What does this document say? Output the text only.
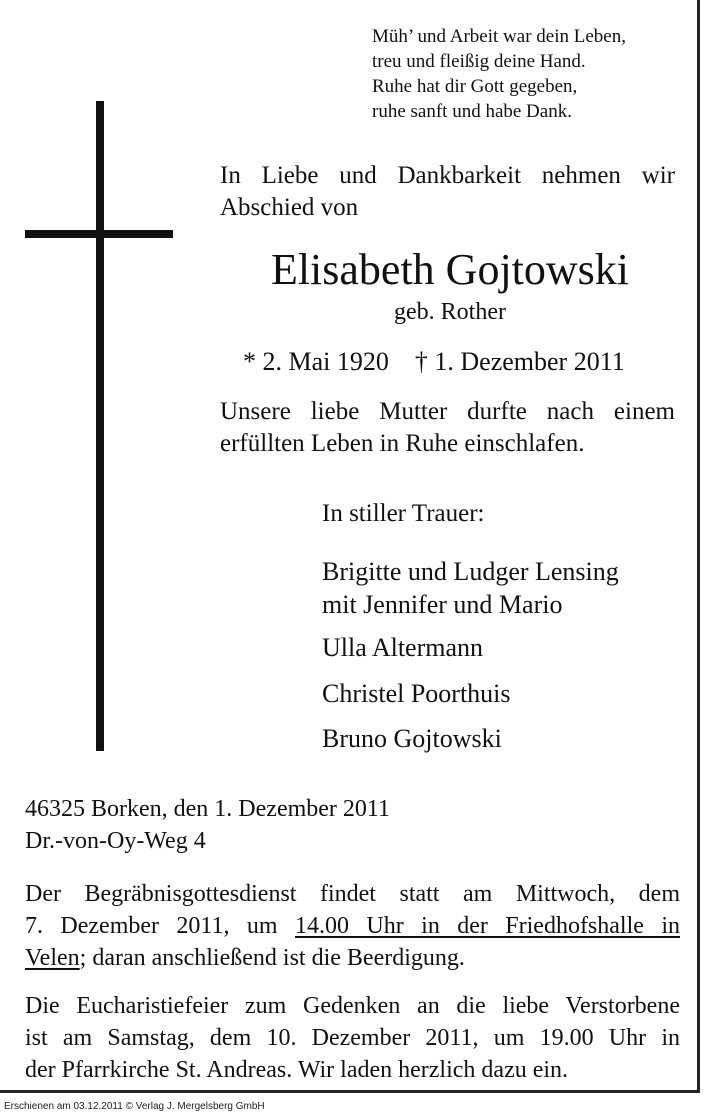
Müh’ und Arbeit war dein Leben,
treu und fleißig deine Hand.
Ruhe hat dir Gott gegeben,
ruhe sanft und habe Dank.
In Liebe und Dankbarkeit nehmen wir
Abschied von
Elisabeth Gojtowski
geb. Rother
* 2. Mai 1920 † 1. Dezember 2011
Unsere liebe Mutter durfte nach einem
erfüllten Leben in Ruhe einschlafen.
In stiller Trauer:
Brigitte und Ludger Lensing
mit Jennifer und Mario
Ulla Altermann
Christel Poorthuis
Bruno Gojtowski
46325 Borken, den 1. Dezember 2011
Dr.-von-Oy-Weg 4
Der Begräbnisgottesdienst findet statt am Mittwoch, dem
7. Dezember 2011, um 14.00 Uhr in der Friedhofshalle in
Velen; daran anschließend ist die Beerdigung.
Die Eucharistiefeier zum Gedenken an die liebe Verstorbene
ist am Samstag, dem 10. Dezember 2011, um 19.00 Uhr in
der Pfarrkirche St. Andreas. Wir laden herzlich dazu ein.
Erschienen am 03.12.2011 © Verlag J. Mergelsberg GmbH
